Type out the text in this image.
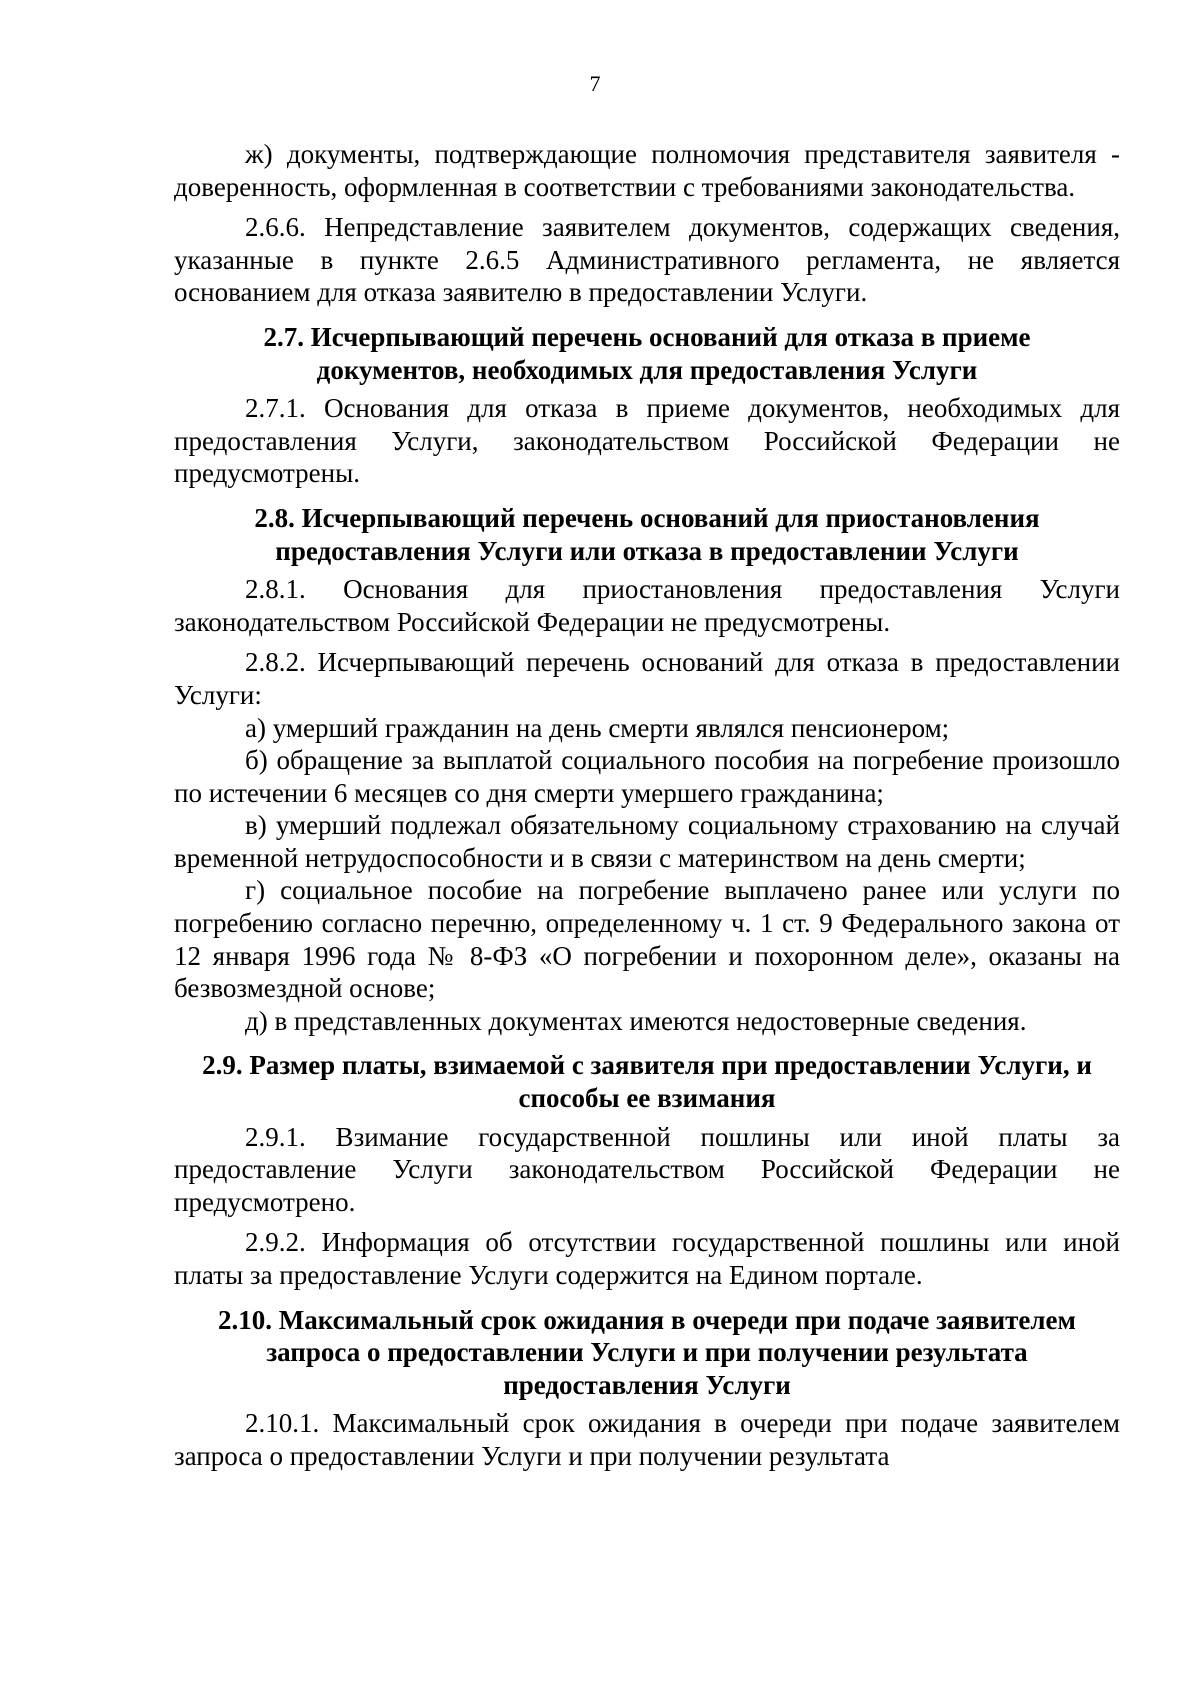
7

ж) документы, подтверждающие полномочия представителя заявителя - доверенность, оформленная в соответствии с требованиями законодательства.

2.6.6. Непредставление заявителем документов, содержащих сведения, указанные в пункте 2.6.5 Административного регламента, не является основанием для отказа заявителю в предоставлении Услуги.

2.7. Исчерпывающий перечень оснований для отказа в приеме
документов, необходимых для предоставления Услуги

2.7.1. Основания для отказа в приеме документов, необходимых для предоставления Услуги, законодательством Российской Федерации не предусмотрены.

2.8. Исчерпывающий перечень оснований для приостановления
предоставления Услуги или отказа в предоставлении Услуги

2.8.1. Основания для приостановления предоставления Услуги законодательством Российской Федерации не предусмотрены.

2.8.2. Исчерпывающий перечень оснований для отказа в предоставлении Услуги:

а) умерший гражданин на день смерти являлся пенсионером;

б) обращение за выплатой социального пособия на погребение произошло по истечении 6 месяцев со дня смерти умершего гражданина;

в) умерший подлежал обязательному социальному страхованию на случай временной нетрудоспособности и в связи с материнством на день смерти;

г) социальное пособие на погребение выплачено ранее или услуги по погребению согласно перечню, определенному ч. 1 ст. 9 Федерального закона от 12 января 1996 года № 8-ФЗ «О погребении и похоронном деле», оказаны на безвозмездной основе;

д) в представленных документах имеются недостоверные сведения.

2.9. Размер платы, взимаемой с заявителя при предоставлении Услуги, и
способы ее взимания

2.9.1. Взимание государственной пошлины или иной платы за предоставление Услуги законодательством Российской Федерации не предусмотрено.

2.9.2. Информация об отсутствии государственной пошлины или иной платы за предоставление Услуги содержится на Едином портале.

2.10. Максимальный срок ожидания в очереди при подаче заявителем
запроса о предоставлении Услуги и при получении результата
предоставления Услуги

2.10.1. Максимальный срок ожидания в очереди при подаче заявителем запроса о предоставлении Услуги и при получении результата
